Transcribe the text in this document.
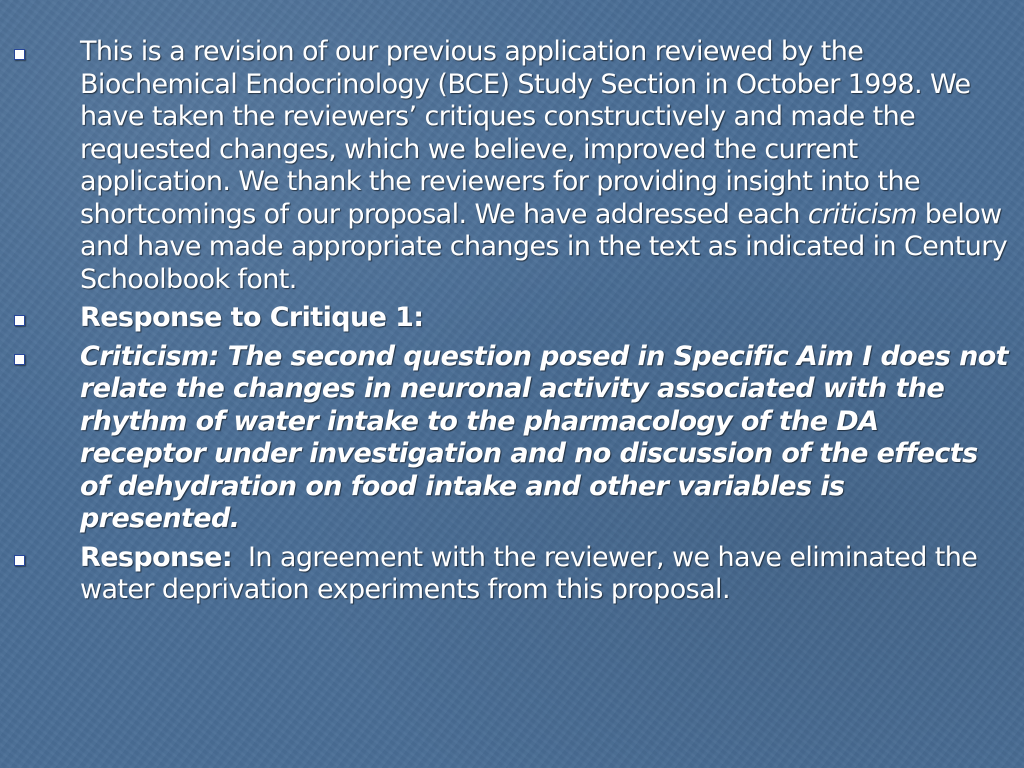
This is a revision of our previous application reviewed by the Biochemical Endocrinology (BCE) Study Section in October 1998. We have taken the reviewers’ critiques constructively and made the requested changes, which we believe, improved the current application. We thank the reviewers for providing insight into the shortcomings of our proposal. We have addressed each criticism below and have made appropriate changes in the text as indicated in Century Schoolbook font.
Response to Critique 1:
Criticism: The second question posed in Specific Aim I does not relate the changes in neuronal activity associated with the rhythm of water intake to the pharmacology of the DA receptor under investigation and no discussion of the effects of dehydration on food intake and other variables is presented.
Response:  In agreement with the reviewer, we have eliminated the water deprivation experiments from this proposal.
